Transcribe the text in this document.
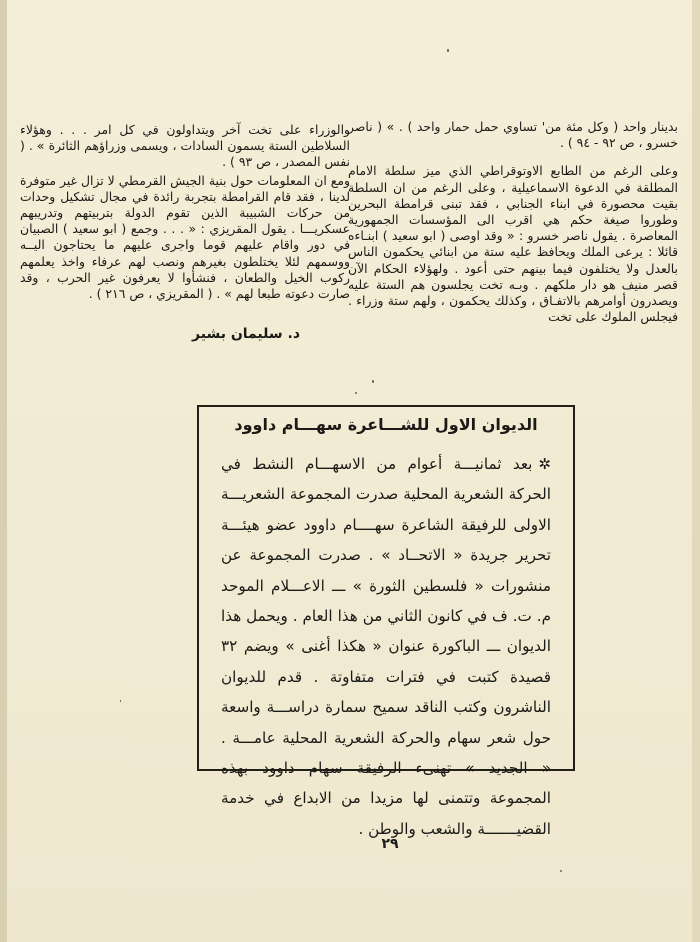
بدينار واحد ( وكل مئة من' تساوي حمل حمار واحد ) . » ( ناصر خسرو ، ص ٩٢ - ٩٤ ) .

وعلى الرغم من الطابع الاوتوقراطي الذي ميز سلطة الامام المطلقة في الدعوة الاسماعيلية ، وعلى الرغم من ان السلطة بقيت محصورة في ابناء الجنابي ، فقد تبنى قرامطة البحرين وطوروا صيغة حكم هي اقرب الى المؤسسات الجمهورية المعاصرة . يقول ناصر خسرو : « وقد اوصى ( ابو سعيد ) ابنـاءه قائلا : يرعى الملك ويحافظ عليه ستة من ابنائي يحكمون الناس بالعدل ولا يختلفون فيما بينهم حتى أعود . ولهؤلاء الحكام الآن قصر منيف هو دار ملكهم . وبـه تخت يجلسون هم الستة عليه ويصدرون أوامرهم بالاتفـاق ، وكذلك يحكمون ، ولهم ستة وزراء . فيجلس الملوك على تخت

والوزراء على تخت آخر ويتداولون في كل امر . . . وهؤلاء السلاطين الستة يسمون السادات ، ويسمى وزراؤهم الثائرة » . ( نفس المصدر ، ص ٩٣ ) .

ومع ان المعلومات حول بنية الجيش القرمطي لا تزال غير متوفرة لدينا ، فقد قام القرامطة بتجربة رائدة في مجال تشكيل وحدات من حركات الشبيبة الذين تقوم الدولة بتربيتهم وتدريبهم عسكريـــا . يقول المقريزي : « . . . وجمع ( ابو سعيد ) الصبيان في دور واقام عليهم قوما واجرى عليهم ما يحتاجون اليــه ووسمهم لئلا يختلطون بغيرهم ونصب لهم عرفاء واخذ يعلمهم ركوب الخيل والطعان ، فنشأوا لا يعرفون غير الحرب ، وقد صارت دعوته طبعا لهم » . ( المقريزي ، ص ٢١٦ ) .

د. سليمان بشير
الديوان الاول للشـــاعرة سهـــام داوود
✲بعد ثمانيـــة أعوام من الاسهـــام النشط في الحركة الشعرية المحلية صدرت المجموعة الشعريـــة الاولى للرفيقة الشاعرة سهــــام داوود عضو هيئـــة تحرير جريدة « الاتحــاد » . صدرت المجموعة عن منشورات « فلسطين الثورة » ـــ الاعـــلام الموحد م. ت. ف في كانون الثاني من هذا العام . ويحمل هذا الديوان ـــ الباكورة عنوان « هكذا أغنى » ويضم ٣٢ قصيدة كتبت في فترات متفاوتة . قدم للديوان الناشرون وكتب الناقد سميح سمارة دراســـة واسعة حول شعر سهام والحركة الشعرية المحلية عامـــة . « الجديد » تهنىء الرفيقة سهام داوود بهذه المجموعة وتتمنى لها مزيدا من الابداع في خدمة القضيـــــــة والشعب والوطن .
٢٩
